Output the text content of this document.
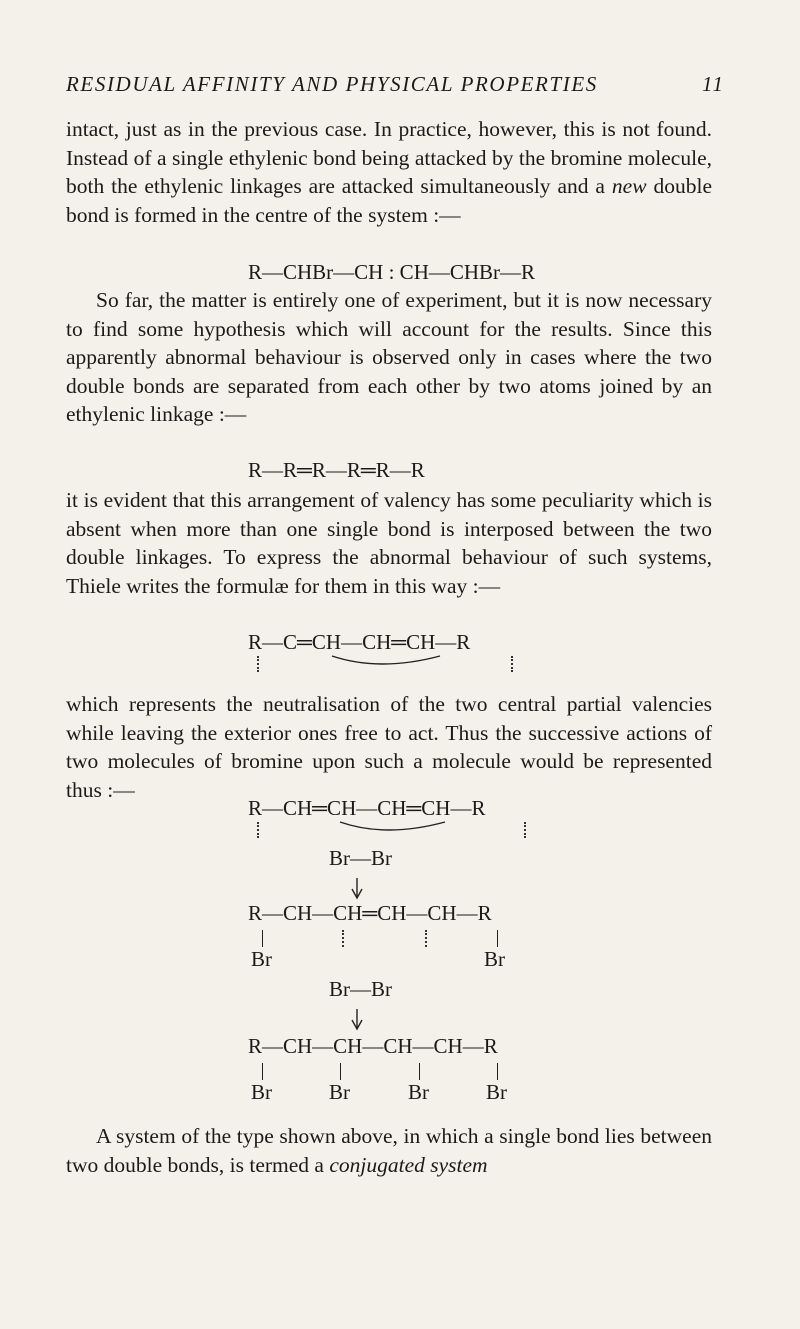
RESIDUAL AFFINITY AND PHYSICAL PROPERTIES	11

intact, just as in the previous case. In practice, however, this is not found. Instead of a single ethylenic bond being attacked by the bromine molecule, both the ethylenic linkages are attacked simultaneously and a new double bond is formed in the centre of the system :—

R—CHBr—CH : CH—CHBr—R

So far, the matter is entirely one of experiment, but it is now necessary to find some hypothesis which will account for the results. Since this apparently abnormal behaviour is observed only in cases where the two double bonds are separated from each other by two atoms joined by an ethylenic linkage :—

R—R═R—R═R—R

it is evident that this arrangement of valency has some peculiarity which is absent when more than one single bond is interposed between the two double linkages. To express the abnormal behaviour of such systems, Thiele writes the formulæ for them in this way :—

R—C═CH—CH═CH—R

which represents the neutralisation of the two central partial valencies while leaving the exterior ones free to act. Thus the successive actions of two molecules of bromine upon such a molecule would be represented thus :—

R—CH═CH—CH═CH—R
Br—Br
R—CH—CH═CH—CH—R
Br	Br
Br—Br
R—CH—CH—CH—CH—R
Br	Br	Br	Br

A system of the type shown above, in which a single bond lies between two double bonds, is termed a conjugated system
